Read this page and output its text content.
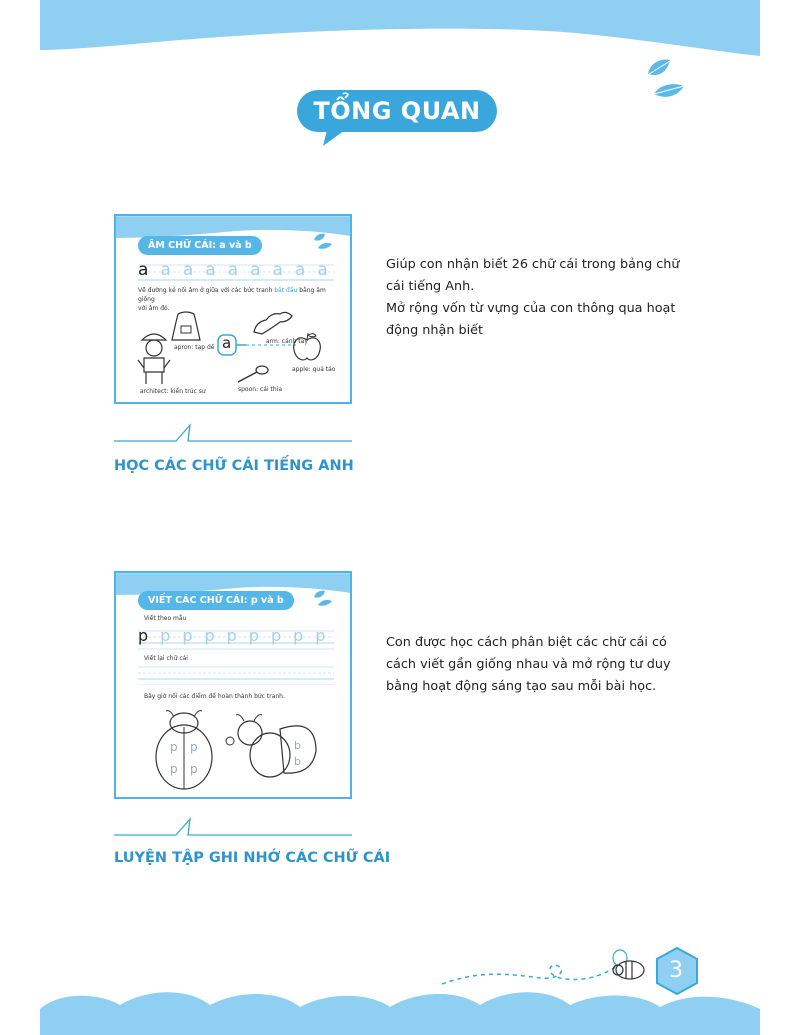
TỔNG QUAN
ÂM CHỮ CÁI: a và b
aaaaaaaaa
Vẽ đường kẻ nối âm ở giữa với các bức tranh bắt đầu bằng âm giống
với âm đó.
apron: tạp dề
arm: cánh tay
a
apple: quả táo
architect: kiến trúc sư	spoon: cái thìa
HỌC CÁC CHỮ CÁI TIẾNG ANH
Giúp con nhận biết 26 chữ cái trong bảng chữ
cái tiếng Anh.
Mở rộng vốn từ vựng của con thông qua hoạt
động nhận biết
VIẾT CÁC CHỮ CÁI: p và b
Viết theo mẫu
ppppppppp
Viết lại chữ cái
Bây giờ nối các điểm để hoàn thành bức tranh.
p p
p p
b
b
LUYỆN TẬP GHI NHỚ CÁC CHỮ CÁI
Con được học cách phân biệt các chữ cái có
cách viết gần giống nhau và mở rộng tư duy
bằng hoạt động sáng tạo sau mỗi bài học.
3
